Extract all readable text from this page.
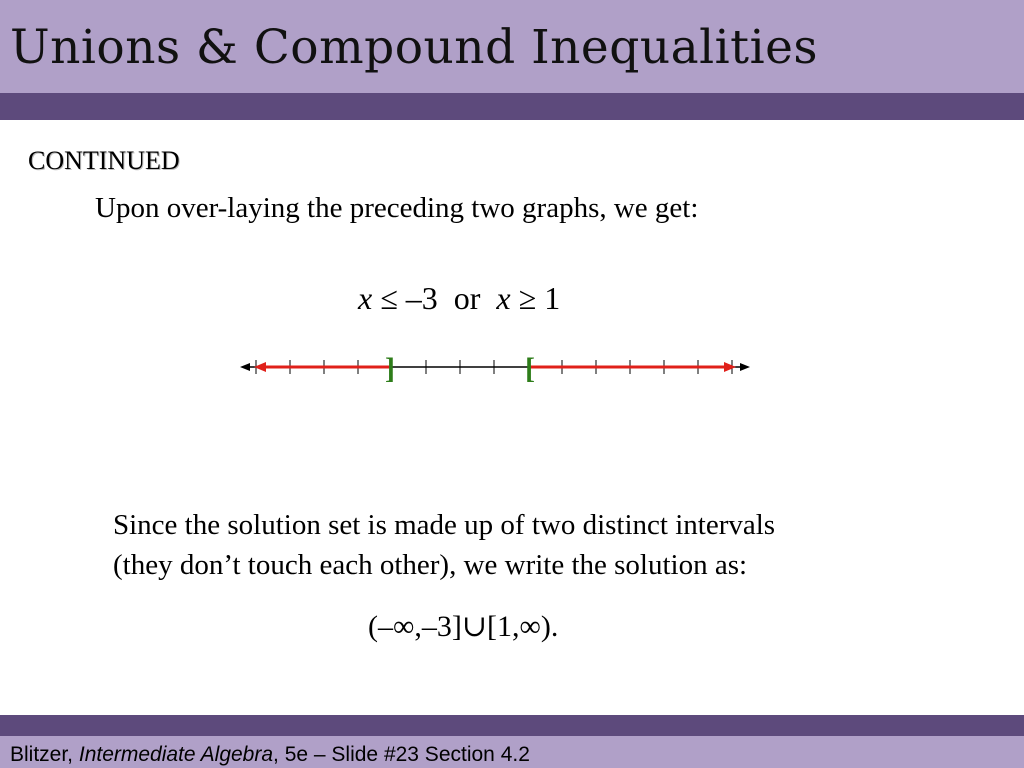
Unions & Compound Inequalities
CONTINUED
Upon over-laying the preceding two graphs, we get:
x ≤ –3 or x ≥ 1
]	[
Since the solution set is made up of two distinct intervals
(they don’t touch each other), we write the solution as:
(–∞,–3]∪[1,∞).
Blitzer, Intermediate Algebra, 5e – Slide #23 Section 4.2
